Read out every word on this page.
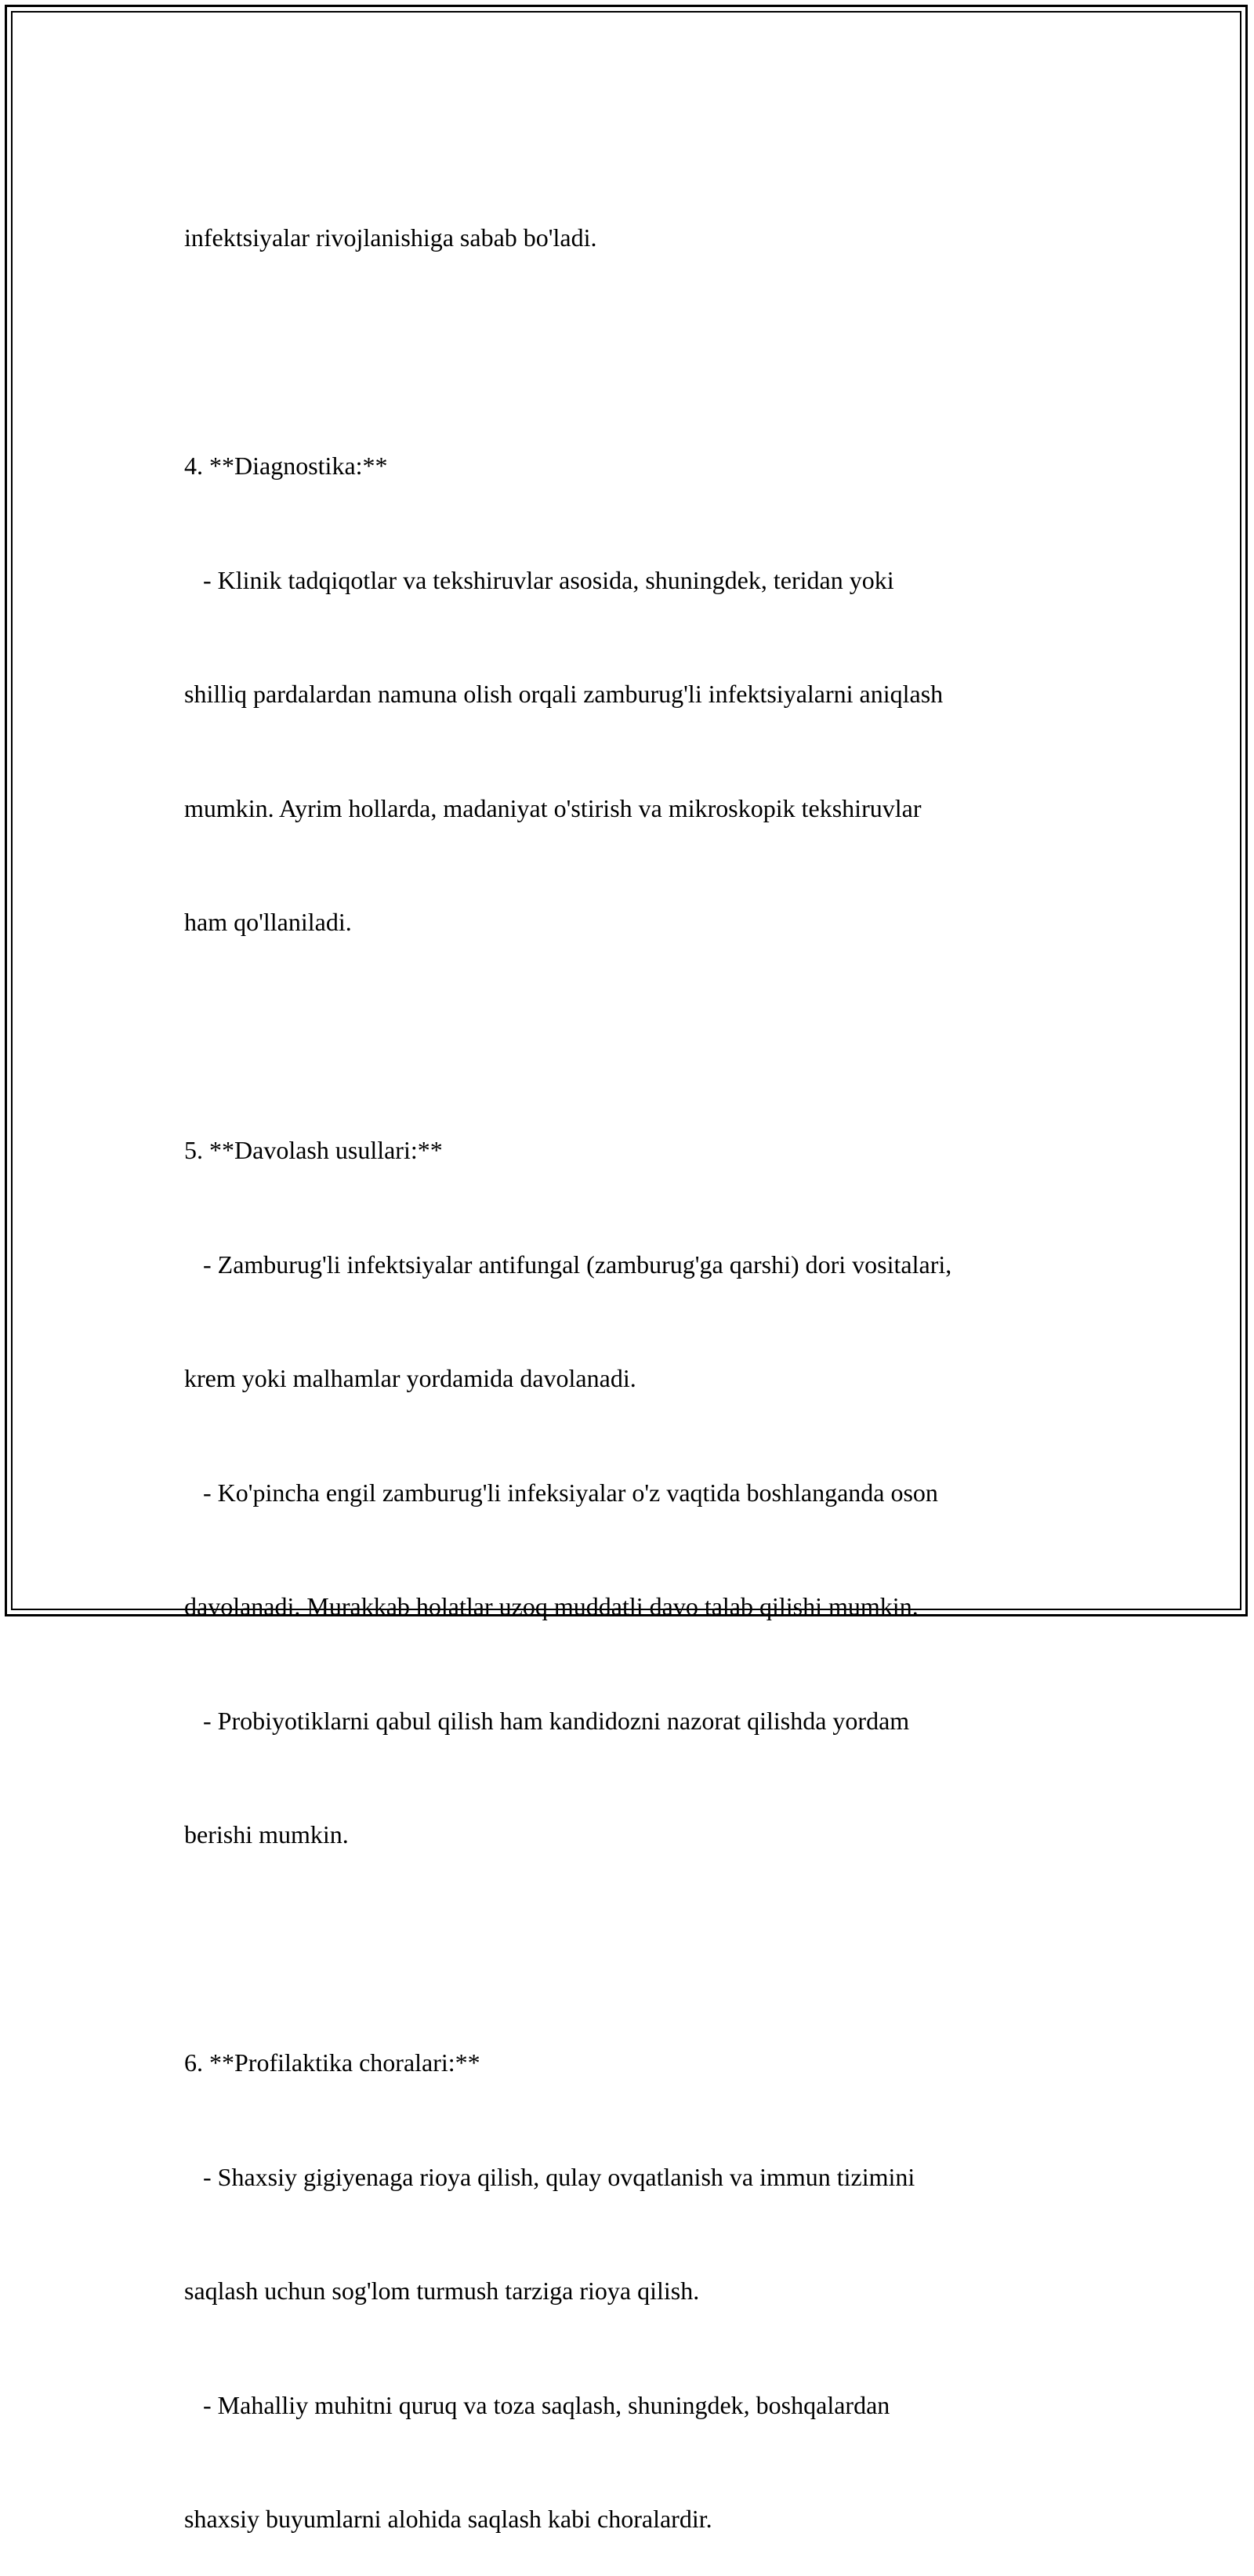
infektsiyalar rivojlanishiga sabab bo'ladi.

4. **Diagnostika:**

- Klinik tadqiqotlar va tekshiruvlar asosida, shuningdek, teridan yoki

shilliq pardalardan namuna olish orqali zamburug'li infektsiyalarni aniqlash

mumkin. Ayrim hollarda, madaniyat o'stirish va mikroskopik tekshiruvlar

ham qo'llaniladi.

5. **Davolash usullari:**

- Zamburug'li infektsiyalar antifungal (zamburug'ga qarshi) dori vositalari,

krem yoki malhamlar yordamida davolanadi.

- Ko'pincha engil zamburug'li infeksiyalar o'z vaqtida boshlanganda oson

davolanadi. Murakkab holatlar uzoq muddatli davo talab qilishi mumkin.

- Probiyotiklarni qabul qilish ham kandidozni nazorat qilishda yordam

berishi mumkin.

6. **Profilaktika choralari:**

- Shaxsiy gigiyenaga rioya qilish, qulay ovqatlanish va immun tizimini

saqlash uchun sog'lom turmush tarziga rioya qilish.

- Mahalliy muhitni quruq va toza saqlash, shuningdek, boshqalardan

shaxsiy buyumlarni alohida saqlash kabi choralardir.
